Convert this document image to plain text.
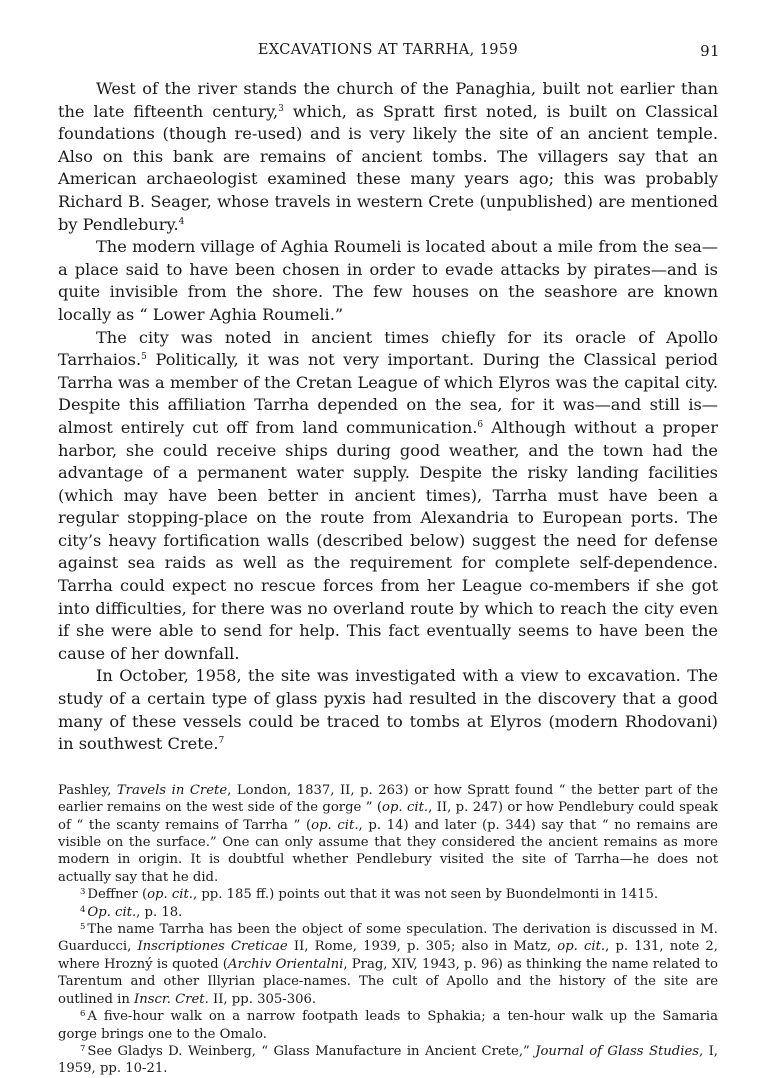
EXCAVATIONS AT TARRHA, 1959	91

West of the river stands the church of the Panaghia, built not earlier than the late fifteenth century,$^3$ which, as Spratt first noted, is built on Classical foundations (though re-used) and is very likely the site of an ancient temple. Also on this bank are remains of ancient tombs. The villagers say that an American archaeologist examined these many years ago; this was probably Richard B. Seager, whose travels in western Crete (unpublished) are mentioned by Pendlebury.$^4$

The modern village of Aghia Roumeli is located about a mile from the sea—a place said to have been chosen in order to evade attacks by pirates—and is quite invisible from the shore. The few houses on the seashore are known locally as “ Lower Aghia Roumeli.”

The city was noted in ancient times chiefly for its oracle of Apollo Tarrhaios.$^5$ Politically, it was not very important. During the Classical period Tarrha was a member of the Cretan League of which Elyros was the capital city. Despite this affiliation Tarrha depended on the sea, for it was—and still is—almost entirely cut off from land communication.$^6$ Although without a proper harbor, she could receive ships during good weather, and the town had the advantage of a permanent water supply. Despite the risky landing facilities (which may have been better in ancient times), Tarrha must have been a regular stopping-place on the route from Alexandria to European ports. The city’s heavy fortification walls (described below) suggest the need for defense against sea raids as well as the requirement for complete self-dependence. Tarrha could expect no rescue forces from her League co-members if she got into difficulties, for there was no overland route by which to reach the city even if she were able to send for help. This fact eventually seems to have been the cause of her downfall.

In October, 1958, the site was investigated with a view to excavation. The study of a certain type of glass pyxis had resulted in the discovery that a good many of these vessels could be traced to tombs at Elyros (modern Rhodovani) in southwest Crete.$^7$

Pashley, Travels in Crete, London, 1837, II, p. 263) or how Spratt found “ the better part of the earlier remains on the west side of the gorge ” (op. cit., II, p. 247) or how Pendlebury could speak of “ the scanty remains of Tarrha ” (op. cit., p. 14) and later (p. 344) say that “ no remains are visible on the surface.” One can only assume that they considered the ancient remains as more modern in origin. It is doubtful whether Pendlebury visited the site of Tarrha—he does not actually say that he did.

$^3$ Deffner (op. cit., pp. 185 ff.) points out that it was not seen by Buondelmonti in 1415.

$^4$ Op. cit., p. 18.

$^5$ The name Tarrha has been the object of some speculation. The derivation is discussed in M. Guarducci, Inscriptiones Creticae II, Rome, 1939, p. 305; also in Matz, op. cit., p. 131, note 2, where Hrozný is quoted (Archiv Orientalni, Prag, XIV, 1943, p. 96) as thinking the name related to Tarentum and other Illyrian place-names. The cult of Apollo and the history of the site are outlined in Inscr. Cret. II, pp. 305-306.

$^6$ A five-hour walk on a narrow footpath leads to Sphakia; a ten-hour walk up the Samaria gorge brings one to the Omalo.

$^7$ See Gladys D. Weinberg, “ Glass Manufacture in Ancient Crete,” Journal of Glass Studies, I, 1959, pp. 10-21.
